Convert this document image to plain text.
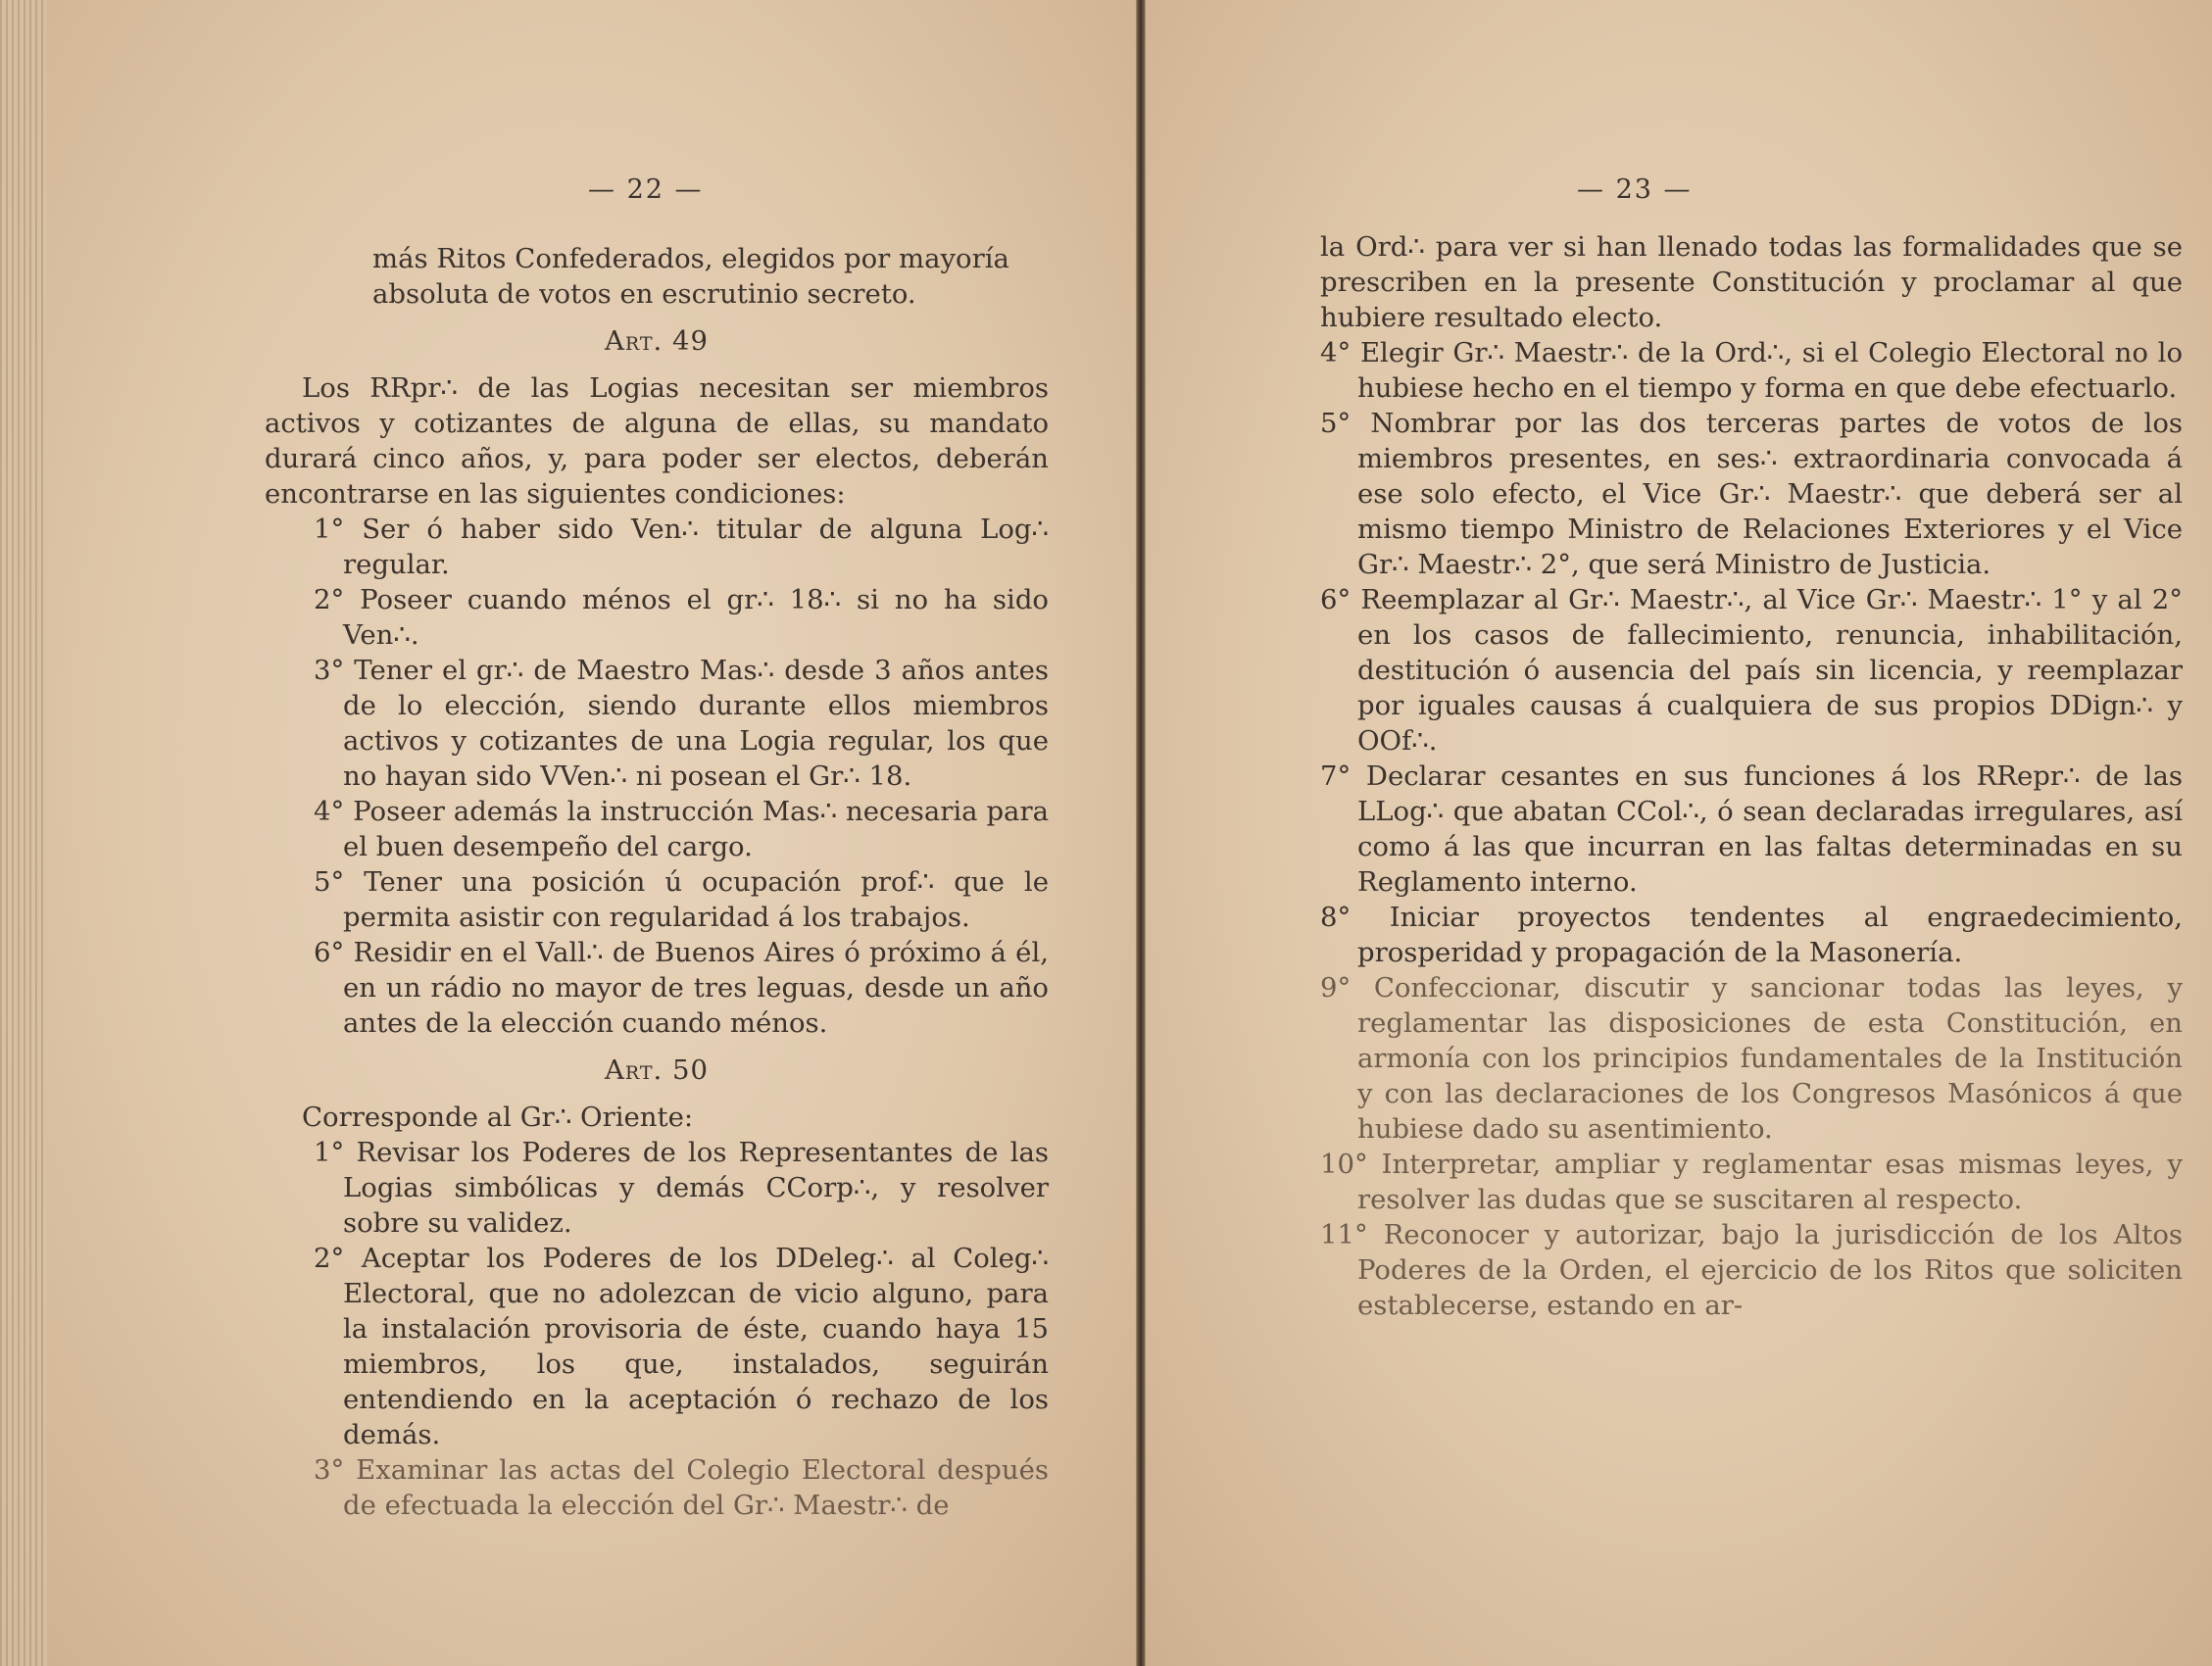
— 22 —

más Ritos Confederados, elegidos por mayoría

absoluta de votos en escrutinio secreto.

Art. 49

Los RRpr∴ de las Logias necesitan ser miembros activos y cotizantes de alguna de ellas, su mandato durará cinco años, y, para poder ser electos, deberán encontrarse en las siguientes condiciones:

1° Ser ó haber sido Ven∴ titular de alguna Log∴ regular.

2° Poseer cuando ménos el gr∴ 18∴ si no ha sido Ven∴.

3° Tener el gr∴ de Maestro Mas∴ desde 3 años antes de lo elección, siendo durante ellos miembros activos y cotizantes de una Logia regular, los que no hayan sido VVen∴ ni posean el Gr∴ 18.

4° Poseer además la instrucción Mas∴ necesaria para el buen desempeño del cargo.

5° Tener una posición ú ocupación prof∴ que le permita asistir con regularidad á los trabajos.

6° Residir en el Vall∴ de Buenos Aires ó próximo á él, en un rádio no mayor de tres leguas, desde un año antes de la elección cuando ménos.

Art. 50

Corresponde al Gr∴ Oriente:

1° Revisar los Poderes de los Representantes de las Logias simbólicas y demás CCorp∴, y resolver sobre su validez.

2° Aceptar los Poderes de los DDeleg∴ al Coleg∴ Electoral, que no adolezcan de vicio alguno, para la instalación provisoria de éste, cuando haya 15 miembros, los que, instalados, seguirán entendiendo en la aceptación ó rechazo de los demás.

3° Examinar las actas del Colegio Electoral después de efectuada la elección del Gr∴ Maestr∴ de

— 23 —

la Ord∴ para ver si han llenado todas las formalidades que se prescriben en la presente Constitución y proclamar al que hubiere resultado electo.

4° Elegir Gr∴ Maestr∴ de la Ord∴, si el Colegio Electoral no lo hubiese hecho en el tiempo y forma en que debe efectuarlo.

5° Nombrar por las dos terceras partes de votos de los miembros presentes, en ses∴ extraordinaria convocada á ese solo efecto, el Vice Gr∴ Maestr∴ que deberá ser al mismo tiempo Ministro de Relaciones Exteriores y el Vice Gr∴ Maestr∴ 2°, que será Ministro de Justicia.

6° Reemplazar al Gr∴ Maestr∴, al Vice Gr∴ Maestr∴ 1° y al 2° en los casos de fallecimiento, renuncia, inhabilitación, destitución ó ausencia del país sin licencia, y reemplazar por iguales causas á cualquiera de sus propios DDign∴ y OOf∴.

7° Declarar cesantes en sus funciones á los RRepr∴ de las LLog∴ que abatan CCol∴, ó sean declaradas irregulares, así como á las que incurran en las faltas determinadas en su Reglamento interno.

8° Iniciar proyectos tendentes al engraedecimiento, prosperidad y propagación de la Masonería.

9° Confeccionar, discutir y sancionar todas las leyes, y reglamentar las disposiciones de esta Constitución, en armonía con los principios fundamentales de la Institución y con las declaraciones de los Congresos Masónicos á que hubiese dado su asentimiento.

10° Interpretar, ampliar y reglamentar esas mismas leyes, y resolver las dudas que se suscitaren al respecto.

11° Reconocer y autorizar, bajo la jurisdicción de los Altos Poderes de la Orden, el ejercicio de los Ritos que soliciten establecerse, estando en ar-
